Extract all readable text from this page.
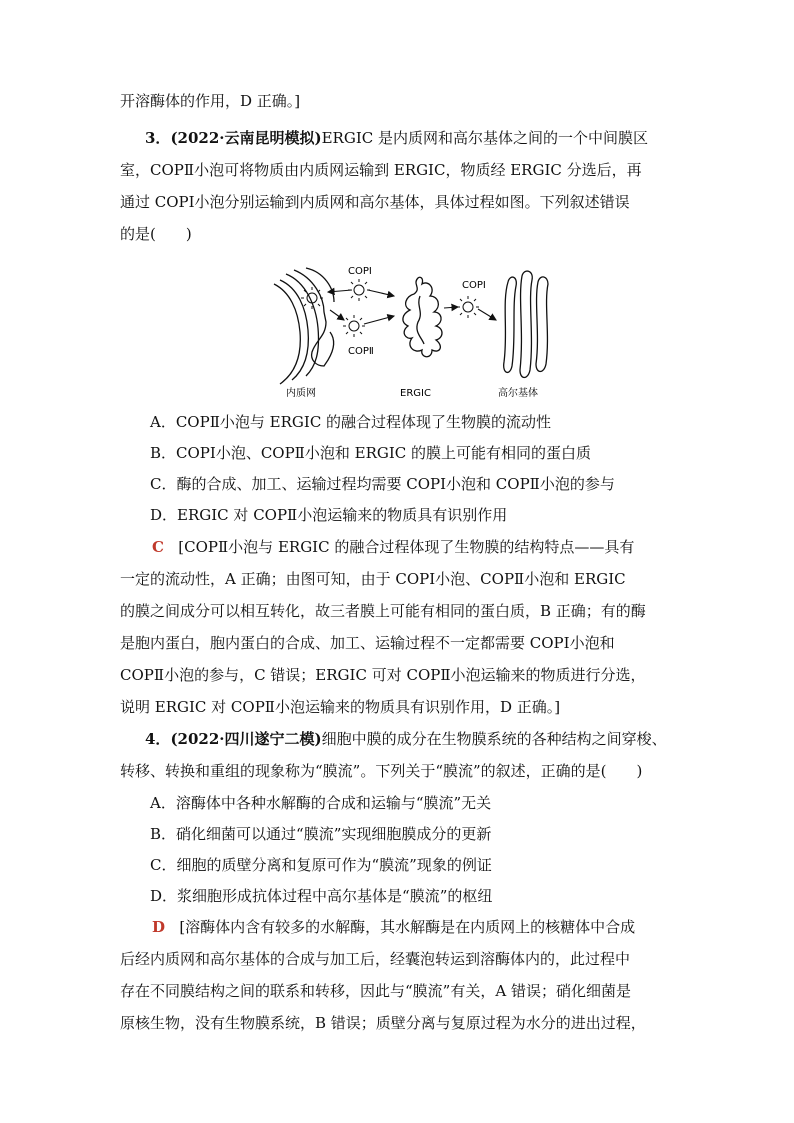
开溶酶体的作用，D 正确。]
3．(2022·云南昆明模拟)ERGIC 是内质网和高尔基体之间的一个中间膜区
室，COPⅡ小泡可将物质由内质网运输到 ERGIC，物质经 ERGIC 分选后，再
通过 COPⅠ小泡分别运输到内质网和高尔基体，具体过程如图。下列叙述错误
的是(　　)
COPⅠ
COPⅡ
COPⅠ
内质网	ERGIC	高尔基体
A．COPⅡ小泡与 ERGIC 的融合过程体现了生物膜的流动性
B．COPⅠ小泡、COPⅡ小泡和 ERGIC 的膜上可能有相同的蛋白质
C．酶的合成、加工、运输过程均需要 COPⅠ小泡和 COPⅡ小泡的参与
D．ERGIC 对 COPⅡ小泡运输来的物质具有识别作用
C [COPⅡ小泡与 ERGIC 的融合过程体现了生物膜的结构特点——具有
一定的流动性，A 正确；由图可知，由于 COPⅠ小泡、COPⅡ小泡和 ERGIC
的膜之间成分可以相互转化，故三者膜上可能有相同的蛋白质，B 正确；有的酶
是胞内蛋白，胞内蛋白的合成、加工、运输过程不一定都需要 COPⅠ小泡和
COPⅡ小泡的参与，C 错误；ERGIC 可对 COPⅡ小泡运输来的物质进行分选，
说明 ERGIC 对 COPⅡ小泡运输来的物质具有识别作用，D 正确。]
4．(2022·四川遂宁二模)细胞中膜的成分在生物膜系统的各种结构之间穿梭、
转移、转换和重组的现象称为“膜流”。下列关于“膜流”的叙述，正确的是(　　)
A．溶酶体中各种水解酶的合成和运输与“膜流”无关
B．硝化细菌可以通过“膜流”实现细胞膜成分的更新
C．细胞的质壁分离和复原可作为“膜流”现象的例证
D．浆细胞形成抗体过程中高尔基体是“膜流”的枢纽
D [溶酶体内含有较多的水解酶，其水解酶是在内质网上的核糖体中合成
后经内质网和高尔基体的合成与加工后，经囊泡转运到溶酶体内的，此过程中
存在不同膜结构之间的联系和转移，因此与“膜流”有关，A 错误；硝化细菌是
原核生物，没有生物膜系统，B 错误；质壁分离与复原过程为水分的进出过程，
